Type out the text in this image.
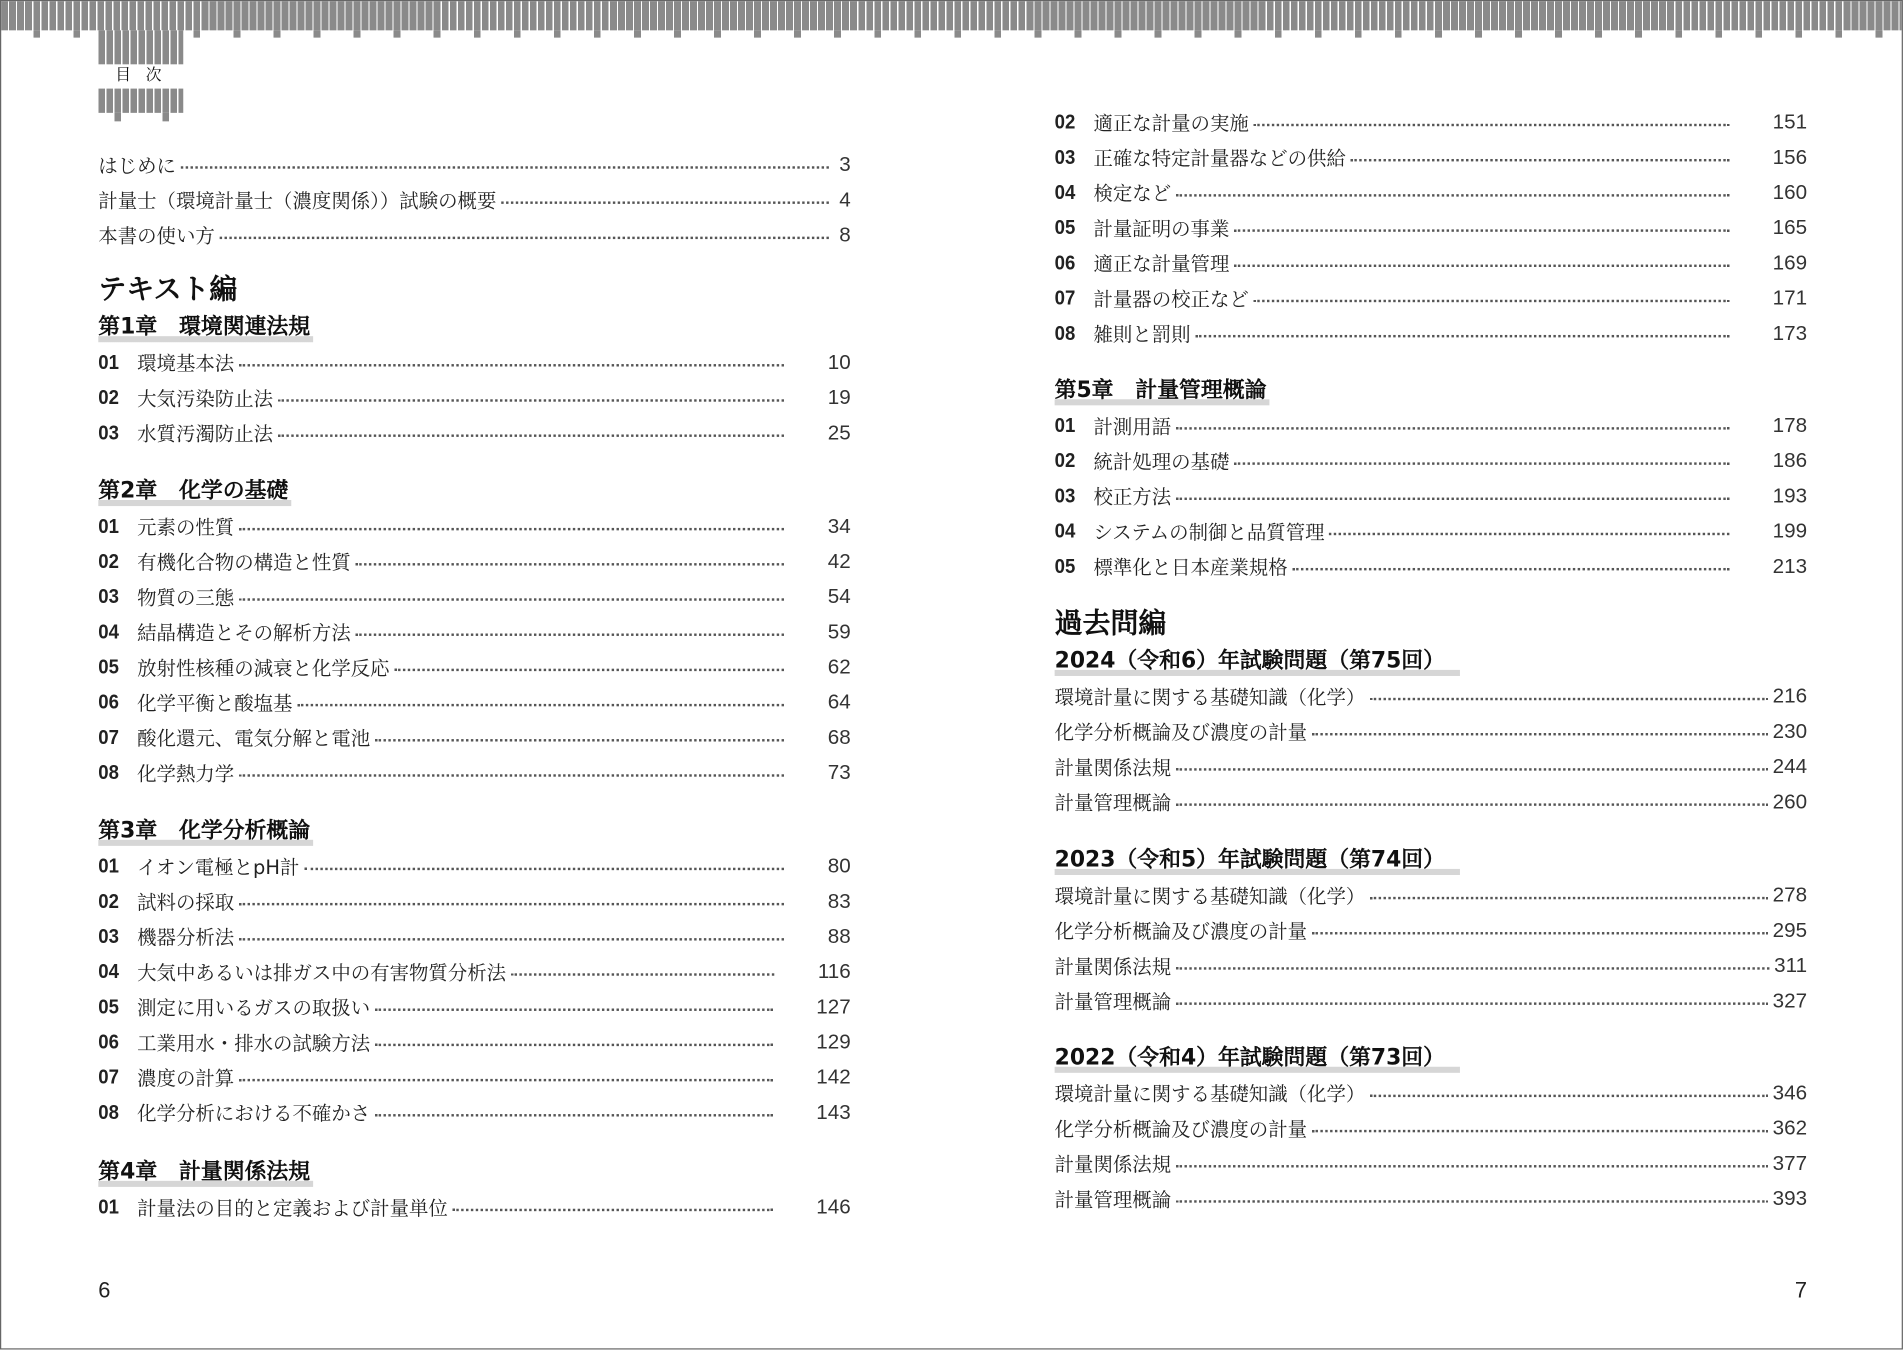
目 次
はじめに	3
計量士（環境計量士（濃度関係））試験の概要	4
本書の使い方	8
テキスト編
第1章　環境関連法規
01	環境基本法	10
02	大気汚染防止法	19
03	水質汚濁防止法	25
第2章　化学の基礎
01	元素の性質	34
02	有機化合物の構造と性質	42
03	物質の三態	54
04	結晶構造とその解析方法	59
05	放射性核種の減衰と化学反応	62
06	化学平衡と酸塩基	64
07	酸化還元、電気分解と電池	68
08	化学熱力学	73
第3章　化学分析概論
01	イオン電極とpH計	80
02	試料の採取	83
03	機器分析法	88
04	大気中あるいは排ガス中の有害物質分析法	116
05	測定に用いるガスの取扱い	127
06	工業用水・排水の試験方法	129
07	濃度の計算	142
08	化学分析における不確かさ	143
第4章　計量関係法規
01	計量法の目的と定義および計量単位	146
02	適正な計量の実施	151
03	正確な特定計量器などの供給	156
04	検定など	160
05	計量証明の事業	165
06	適正な計量管理	169
07	計量器の校正など	171
08	雑則と罰則	173
第5章　計量管理概論
01	計測用語	178
02	統計処理の基礎	186
03	校正方法	193
04	システムの制御と品質管理	199
05	標準化と日本産業規格	213
過去問編
2024（令和6）年試験問題（第75回）
環境計量に関する基礎知識（化学）	216
化学分析概論及び濃度の計量	230
計量関係法規	244
計量管理概論	260
2023（令和5）年試験問題（第74回）
環境計量に関する基礎知識（化学）	278
化学分析概論及び濃度の計量	295
計量関係法規	311
計量管理概論	327
2022（令和4）年試験問題（第73回）
環境計量に関する基礎知識（化学）	346
化学分析概論及び濃度の計量	362
計量関係法規	377
計量管理概論	393
6	7
